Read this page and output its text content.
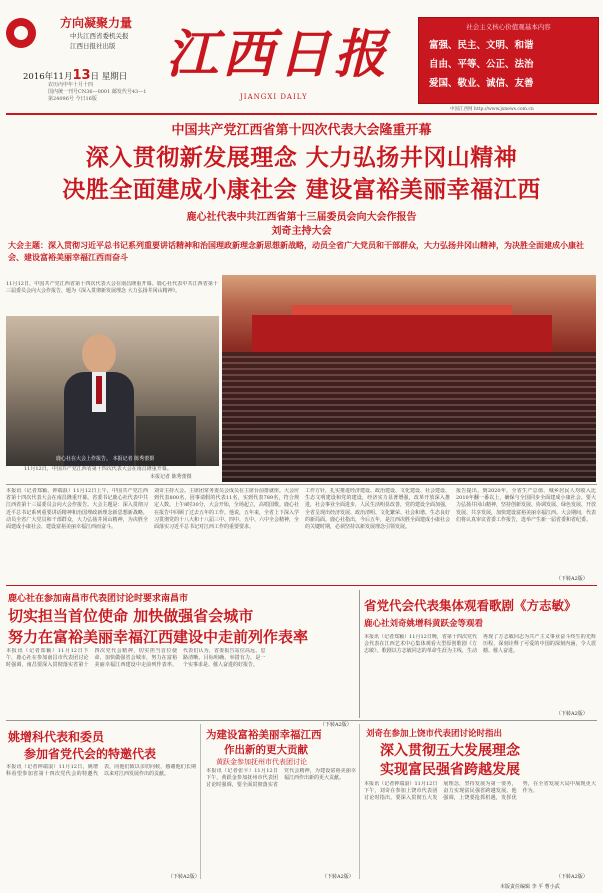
方向凝聚力量
中共江西省委机关报
江西日报社出版
2016年11月13日 星期日
农历丙申年十月十四
国内统一刊号CN36—0001 邮发代号43—1
第24096号 今日16版
江西日报
JIANGXI DAILY
社会主义核心价值观基本内容
富强、民主、文明、和谐
自由、平等、公正、法治
爱国、敬业、诚信、友善
中国江西网 http://www.jxnews.com.cn
中国共产党江西省第十四次代表大会隆重开幕
深入贯彻新发展理念 大力弘扬井冈山精神
决胜全面建成小康社会 建设富裕美丽幸福江西
鹿心社代表中共江西省第十三届委员会向大会作报告
刘奇主持大会
大会主题：深入贯彻习近平总书记系列重要讲话精神和治国理政新理念新思想新战略，动员全省广大党员和干部群众，大力弘扬井冈山精神，为决胜全面建成小康社会、建设富裕美丽幸福江西而奋斗
11月12日，中国共产党江西省第十四次代表大会在南昌隆重开幕。鹿心社代表中共江西省第十三届委员会向大会作报告，题为《深入贯彻新发展理念 大力弘扬井冈山精神》。
鹿心社在大会上作报告。 本报记者 陈秀蕾摄
11月12日，中国共产党江西省第十四次代表大会在南昌隆重开幕。
本报记者 陈秀蕾摄
本报讯（记者郑颖、钟端浪）11月12日上午，中国共产党江西省第十四次代表大会在南昌隆重开幕。省委书记鹿心社代表中共江西省第十三届委员会向大会作报告。大会主题是：深入贯彻习近平总书记系列重要讲话精神和治国理政新理念新思想新战略，动员全省广大党员和干部群众，大力弘扬井冈山精神，为决胜全面建成小康社会、建设富裕美丽幸福江西而奋斗。
刘奇主持大会。主席团常务委员会成员在主席台前排就座。大会应到代表800名，因事请假的代表11名，实到代表789名，符合规定人数。上午8时30分，大会开始，全场起立，高唱国歌。鹿心社在报告中回顾了过去五年的工作。他说，五年来，全省上下深入学习贯彻党的十八大和十八届三中、四中、五中、六中全会精神，全面落实习近平总书记对江西工作的重要要求。
工作方针，扎实推进经济建设、政治建设、文化建设、社会建设、生态文明建设和党的建设，经济实力显著增强，改革开放深入推进，社会事业全面进步，人民生活明显改善，党的建设全面加强，全省呈现出经济发展、政治清明、文化繁荣、社会和谐、生态良好的新局面。鹿心社指出，今后五年，是江西决胜全面建成小康社会的关键时期，必须坚持以新发展理念引领发展。
报告提出，到2020年，全省生产总值、城乡居民人均收入比2010年翻一番以上，确保与全国同步全面建成小康社会。要大力弘扬井冈山精神，坚持创新发展、协调发展、绿色发展、开放发展、共享发展，加快建设富裕美丽幸福江西。大会期间，代表们将认真审议省委工作报告，选举产生新一届省委和省纪委。
（下转A2版）
鹿心社在参加南昌市代表团讨论时要求南昌市
切实担当首位使命 加快做强省会城市
努力在富裕美丽幸福江西建设中走前列作表率
本报讯（记者郑颖）11月12日下午，鹿心社在参加南昌市代表团讨论时强调，南昌要深入贯彻落实省第十四次党代会精神，切实担当首位使命，加快做强省会城市，努力在富裕美丽幸福江西建设中走前列作表率。代表们认为，省委报告站位高远、思路清晰、目标明确、举措有力，是一个实事求是、催人奋进的好报告。
（下转A2版）
省党代会代表集体观看歌剧《方志敏》
鹿心社刘奇姚增科黄跃金等观看
本报讯（记者郑颖）11月12日晚，省第十四次党代会代表在江西艺术中心集体观看大型原创歌剧《方志敏》。歌剧以方志敏同志的革命生涯为主线，生动再现了方志敏同志为共产主义事业奋斗终生的光辉历程，深刻诠释了可爱的中国的深刻内涵，令人震撼、催人奋进。
（下转A2版）
姚增科代表和委员
参加省党代会的特邀代表
本报讯（记者钟端浪）11月12日，姚增科看望参加省第十四次党代会的特邀代表，向他们致以亲切问候，感谢他们长期以来对江西发展作出的贡献。
（下转A2版）
为建设富裕美丽幸福江西
作出新的更大贡献
黄跃金参加抚州市代表团讨论
本报讯（记者张平）11月12日下午，黄跃金参加抚州市代表团讨论时强调，要全面贯彻落实省党代会精神，为建设富裕美丽幸福江西作出新的更大贡献。
（下转A2版）
刘奇在参加上饶市代表团讨论时指出
深入贯彻五大发展理念
实现富民强省跨越发展
本报讯（记者钟端浪）11月12日下午，刘奇在参加上饶市代表团讨论时指出，要深入贯彻五大发展理念，坚持发展为第一要务，奋力实现富民强省跨越发展。他强调，上饶要抢抓机遇，发挥优势，在全省发展大局中展现更大作为。
（下转A2版）
本版责任编辑 李 平 曹小武
